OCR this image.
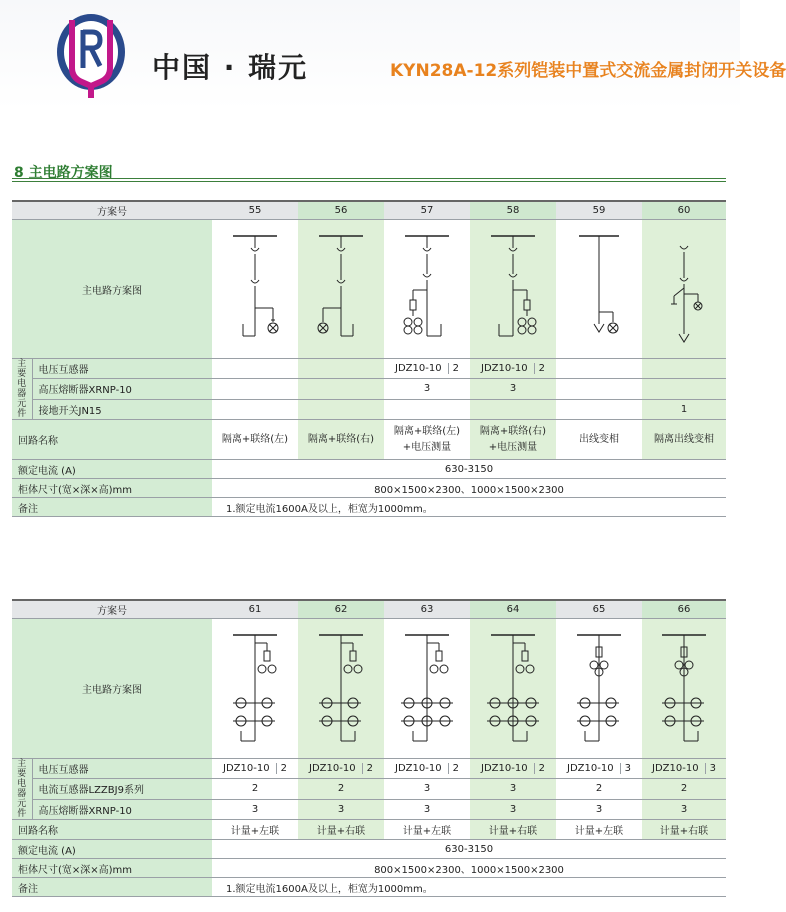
中国 · 瑞元	KYN28A-12系列铠装中置式交流金属封闭开关设备
8 主电路方案图
方案号		55	56	57	58	59	60
主电路方案图	

主要电器元件	电压互感器			JDZ10-10 2	JDZ10-10 2		

	高压熔断器XRNP-10			3	3		
	接地开关JN15						1
回路名称		隔离+联络(左)	隔离+联络(右)	隔离+联络(左)
+电压测量	隔离+联络(右)
+电压测量	出线变相	隔离出线变相
额定电流 (A)		630-3150					
柜体尺寸(宽×深×高)mm		800×1500×2300、1000×1500×2300					
备注		1.额定电流1600A及以上，柜宽为1000mm。					
方案号		61	62	63	64	65	66
主电路方案图	

主要电器元件	电压互感器	JDZ10-10 2	JDZ10-10 2	JDZ10-10 2	JDZ10-10 2	JDZ10-10 3	JDZ10-10 3

	电流互感器LZZBJ9系列	2	2	3	3	2	2
	高压熔断器XRNP-10	3	3	3	3	3	3
回路名称		计量+左联	计量+右联	计量+左联	计量+右联	计量+左联	计量+右联
额定电流 (A)		630-3150					
柜体尺寸(宽×深×高)mm		800×1500×2300、1000×1500×2300					
备注		1.额定电流1600A及以上，柜宽为1000mm。					
